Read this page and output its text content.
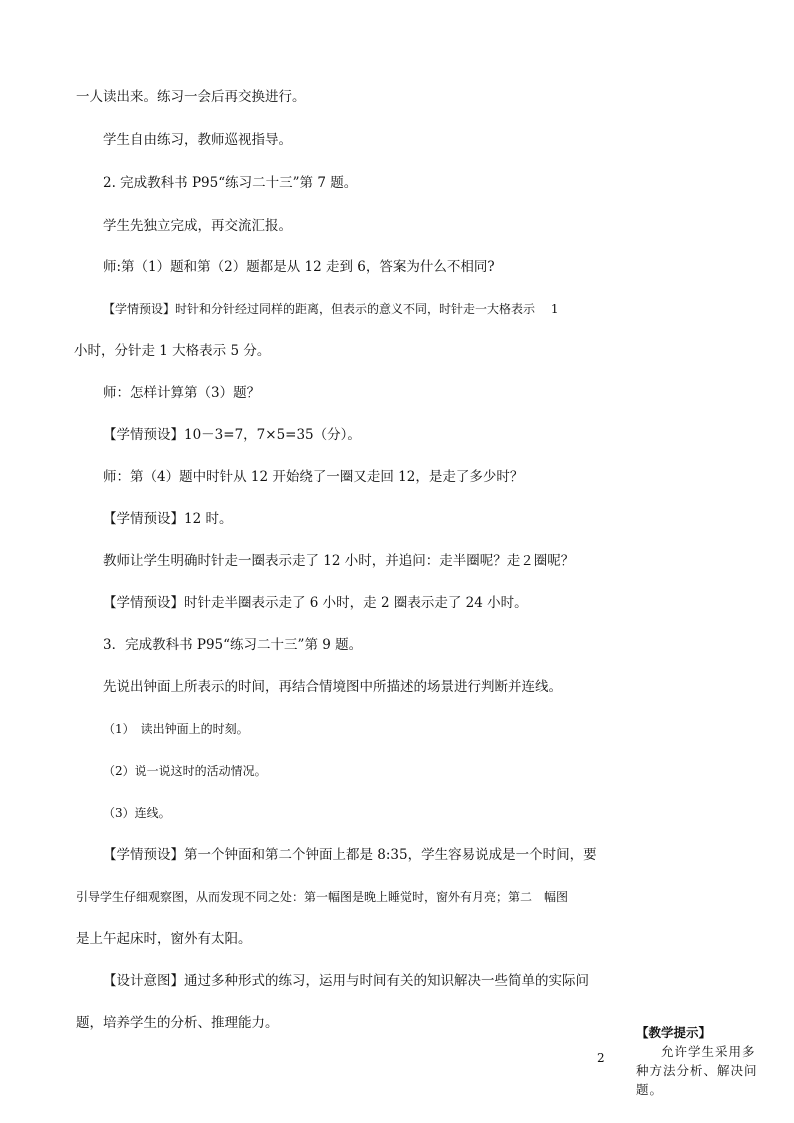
一人读出来。练习一会后再交换进行。
学生自由练习，教师巡视指导。
2. 完成教科书 P95“练习二十三”第 7 题。
学生先独立完成，再交流汇报。
师:第（1）题和第（2）题都是从 12 走到 6，答案为什么不相同?
【学情预设】时针和分针经过同样的距离，但表示的意义不同，时针走一大格表示　 1
小时，分针走 1 大格表示 5 分。
师：怎样计算第（3）题？
【学情预设】10－3=7，7×5=35（分）。
师：第（4）题中时针从 12 开始绕了一圈又走回 12，是走了多少时？
【学情预设】12 时。
教师让学生明确时针走一圈表示走了 12 小时，并追问：走半圈呢？走２圈呢？
【学情预设】时针走半圈表示走了 6 小时，走 2 圈表示走了 24 小时。
3．完成教科书 P95“练习二十三”第 9 题。
先说出钟面上所表示的时间，再结合情境图中所描述的场景进行判断并连线。
（1）　读出钟面上的时刻。
（2）说一说这时的活动情况。
（3）连线。
【学情预设】第一个钟面和第二个钟面上都是 8:35，学生容易说成是一个时间，要
引导学生仔细观察图，从而发现不同之处：第一幅图是晚上睡觉时，窗外有月亮；第二　幅图
是上午起床时，窗外有太阳。
【设计意图】通过多种形式的练习，运用与时间有关的知识解决一些简单的实际问
题，培养学生的分析、推理能力。
2
【教学提示】
允许学生采用多种方法分析、解决问题。
